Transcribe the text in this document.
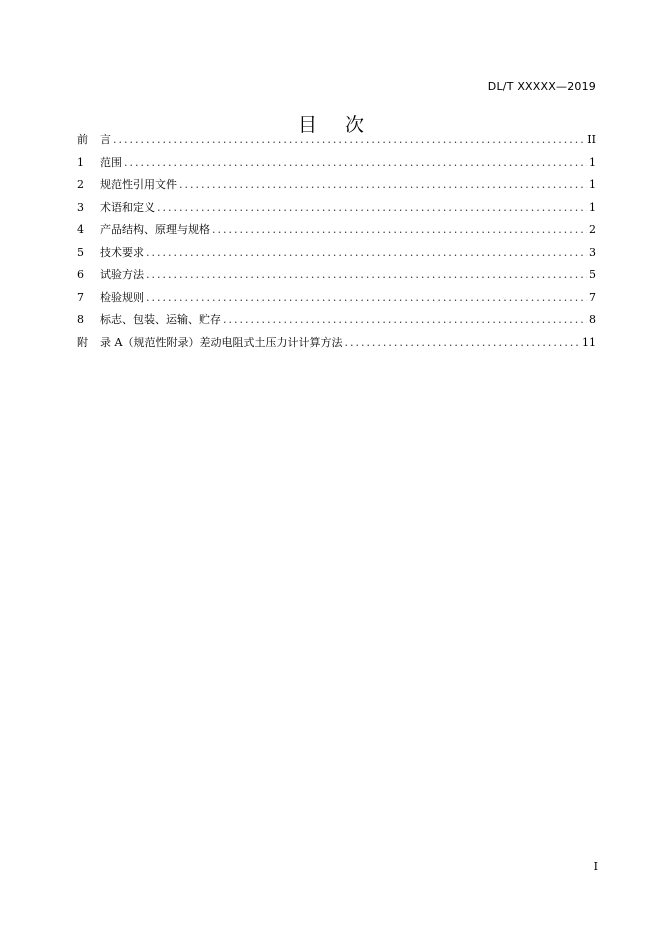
DL/T XXXXX—2019
目次
前	言 .....	II
1	范围 .....	1
2	规范性引用文件 .....	1
3	术语和定义 .....	1
4	产品结构、原理与规格 .....	2
5	技术要求 .....	3
6	试验方法 .....	5
7	检验规则 .....	7
8	标志、包装、运输、贮存 .....	8
附	录 A（规范性附录）差动电阻式土压力计计算方法 .....	11
I
